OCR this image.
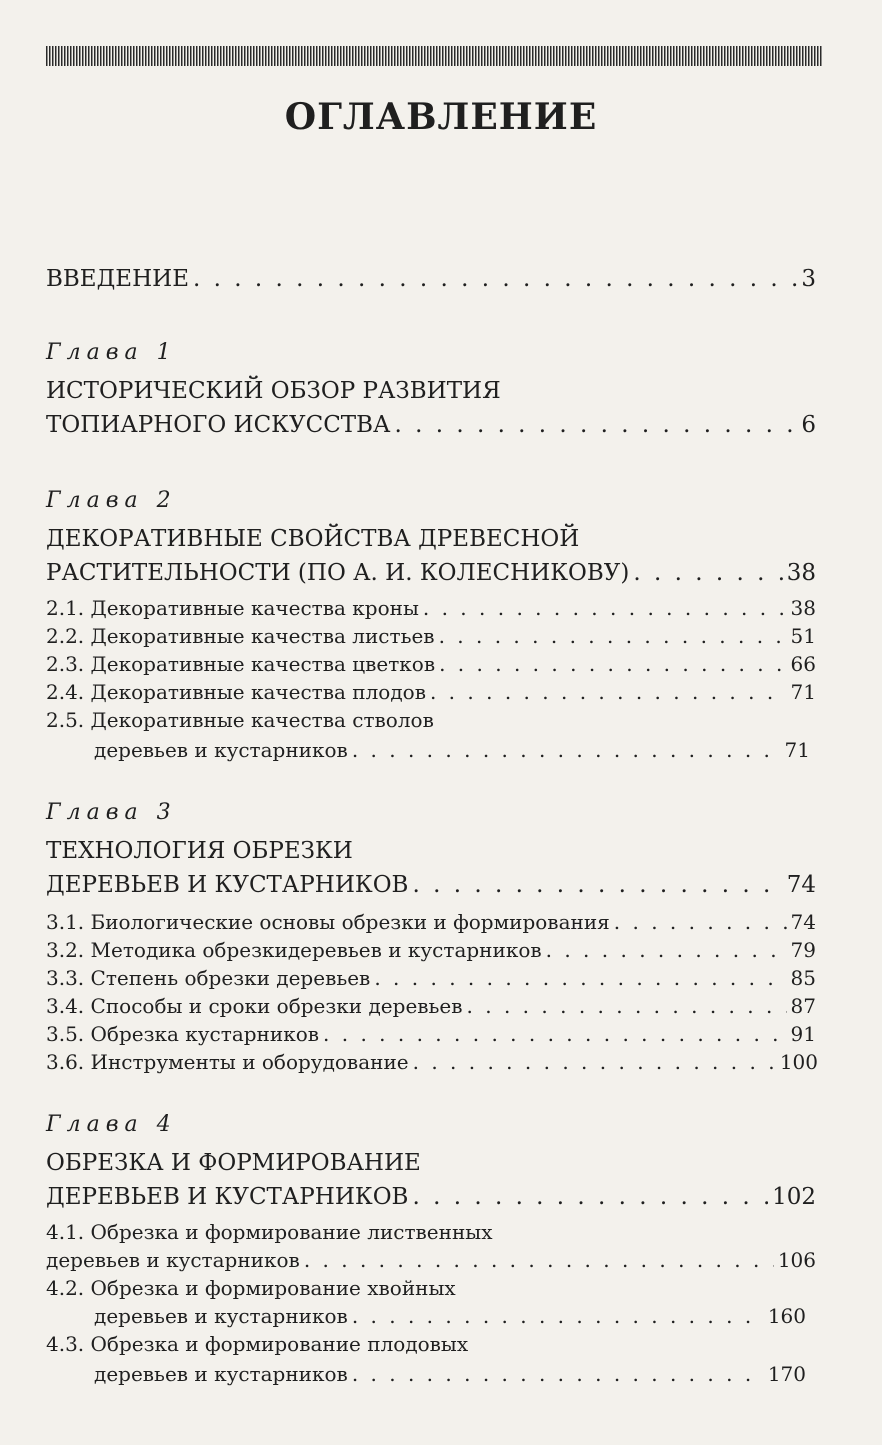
ОГЛАВЛЕНИЕ
ВВЕДЕНИЕ . . .	3
Глава 1
ИСТОРИЧЕСКИЙ ОБЗОР РАЗВИТИЯ
ТОПИАРНОГО ИСКУССТВА . . .	6
Глава 2
ДЕКОРАТИВНЫЕ СВОЙСТВА ДРЕВЕСНОЙ
РАСТИТЕЛЬНОСТИ (ПО А. И. КОЛЕСНИКОВУ) . . .	38
2.1. Декоративные качества кроны . . .	38
2.2. Декоративные качества листьев . . .	51
2.3. Декоративные качества цветков . . .	66
2.4. Декоративные качества плодов . . .	71
2.5. Декоративные качества стволов
деревьев и кустарников . . .	71
Глава 3
ТЕХНОЛОГИЯ ОБРЕЗКИ
ДЕРЕВЬЕВ И КУСТАРНИКОВ . . .	74
3.1. Биологические основы обрезки и формирования . . .	74
3.2. Методика обрезкидеревьев и кустарников . . .	79
3.3. Степень обрезки деревьев . . .	85
3.4. Способы и сроки обрезки деревьев . . .	87
3.5. Обрезка кустарников . . .	91
3.6. Инструменты и оборудование . . .	100
Глава 4
ОБРЕЗКА И ФОРМИРОВАНИЕ
ДЕРЕВЬЕВ И КУСТАРНИКОВ . . .	102
4.1. Обрезка и формирование лиственных
деревьев и кустарников . . .	106
4.2. Обрезка и формирование хвойных
деревьев и кустарников . . .	160
4.3. Обрезка и формирование плодовых
деревьев и кустарников . . .	170
